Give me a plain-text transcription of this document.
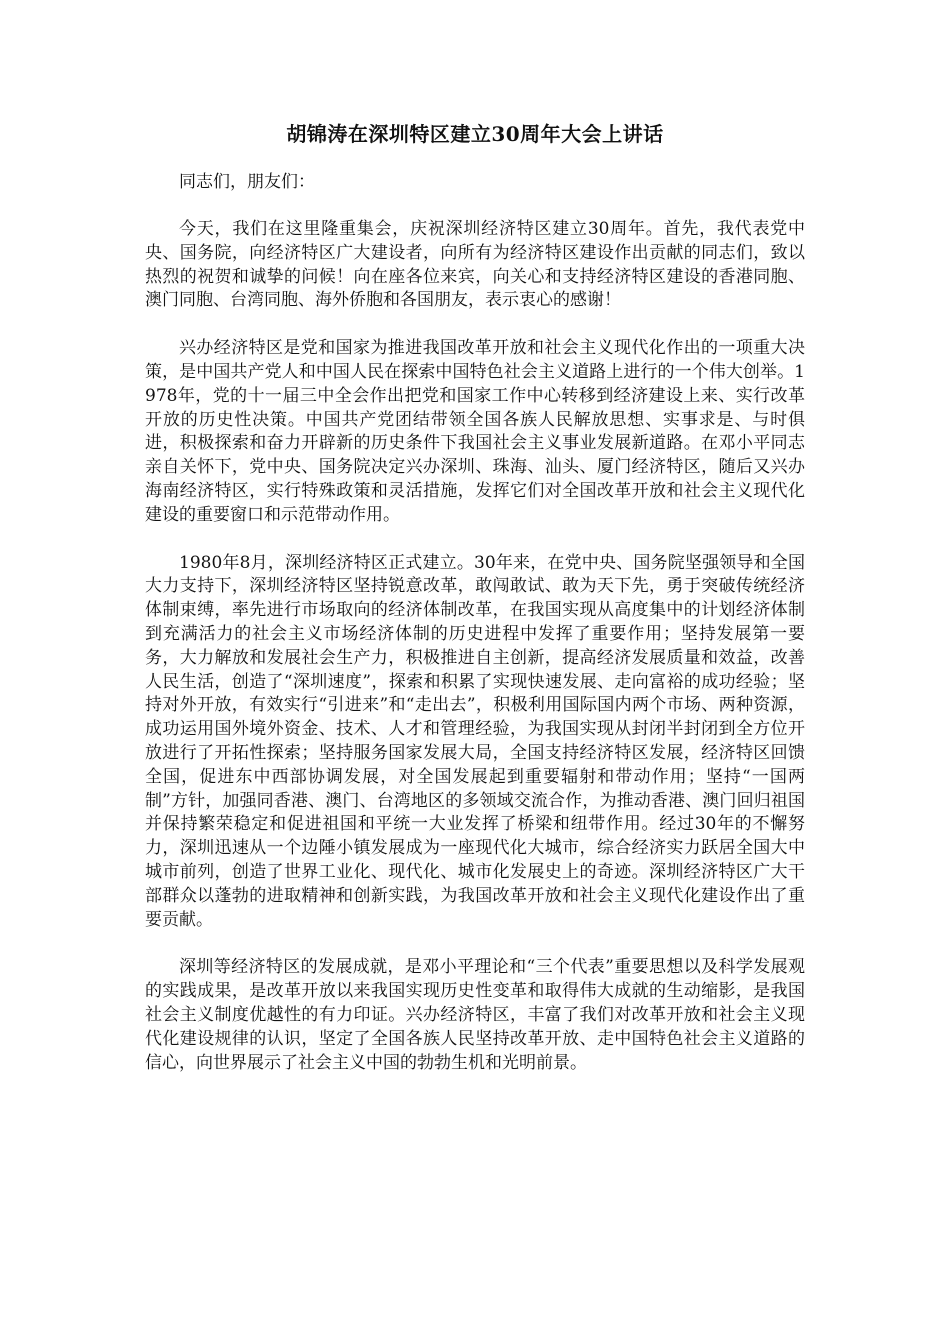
胡锦涛在深圳特区建立30周年大会上讲话

同志们，朋友们：

今天，我们在这里隆重集会，庆祝深圳经济特区建立30周年。首先，我代表党中央、国务院，向经济特区广大建设者，向所有为经济特区建设作出贡献的同志们，致以热烈的祝贺和诚挚的问候！向在座各位来宾，向关心和支持经济特区建设的香港同胞、澳门同胞、台湾同胞、海外侨胞和各国朋友，表示衷心的感谢！

兴办经济特区是党和国家为推进我国改革开放和社会主义现代化作出的一项重大决策，是中国共产党人和中国人民在探索中国特色社会主义道路上进行的一个伟大创举。1978年，党的十一届三中全会作出把党和国家工作中心转移到经济建设上来、实行改革开放的历史性决策。中国共产党团结带领全国各族人民解放思想、实事求是、与时俱进，积极探索和奋力开辟新的历史条件下我国社会主义事业发展新道路。在邓小平同志亲自关怀下，党中央、国务院决定兴办深圳、珠海、汕头、厦门经济特区，随后又兴办海南经济特区，实行特殊政策和灵活措施，发挥它们对全国改革开放和社会主义现代化建设的重要窗口和示范带动作用。

1980年8月，深圳经济特区正式建立。30年来，在党中央、国务院坚强领导和全国大力支持下，深圳经济特区坚持锐意改革，敢闯敢试、敢为天下先，勇于突破传统经济体制束缚，率先进行市场取向的经济体制改革，在我国实现从高度集中的计划经济体制到充满活力的社会主义市场经济体制的历史进程中发挥了重要作用；坚持发展第一要务，大力解放和发展社会生产力，积极推进自主创新，提高经济发展质量和效益，改善人民生活，创造了“深圳速度”，探索和积累了实现快速发展、走向富裕的成功经验；坚持对外开放，有效实行“引进来”和“走出去”，积极利用国际国内两个市场、两种资源，成功运用国外境外资金、技术、人才和管理经验，为我国实现从封闭半封闭到全方位开放进行了开拓性探索；坚持服务国家发展大局，全国支持经济特区发展，经济特区回馈全国，促进东中西部协调发展，对全国发展起到重要辐射和带动作用；坚持“一国两制”方针，加强同香港、澳门、台湾地区的多领域交流合作，为推动香港、澳门回归祖国并保持繁荣稳定和促进祖国和平统一大业发挥了桥梁和纽带作用。经过30年的不懈努力，深圳迅速从一个边陲小镇发展成为一座现代化大城市，综合经济实力跃居全国大中城市前列，创造了世界工业化、现代化、城市化发展史上的奇迹。深圳经济特区广大干部群众以蓬勃的进取精神和创新实践，为我国改革开放和社会主义现代化建设作出了重要贡献。

深圳等经济特区的发展成就，是邓小平理论和“三个代表”重要思想以及科学发展观的实践成果，是改革开放以来我国实现历史性变革和取得伟大成就的生动缩影，是我国社会主义制度优越性的有力印证。兴办经济特区，丰富了我们对改革开放和社会主义现代化建设规律的认识，坚定了全国各族人民坚持改革开放、走中国特色社会主义道路的信心，向世界展示了社会主义中国的勃勃生机和光明前景。
